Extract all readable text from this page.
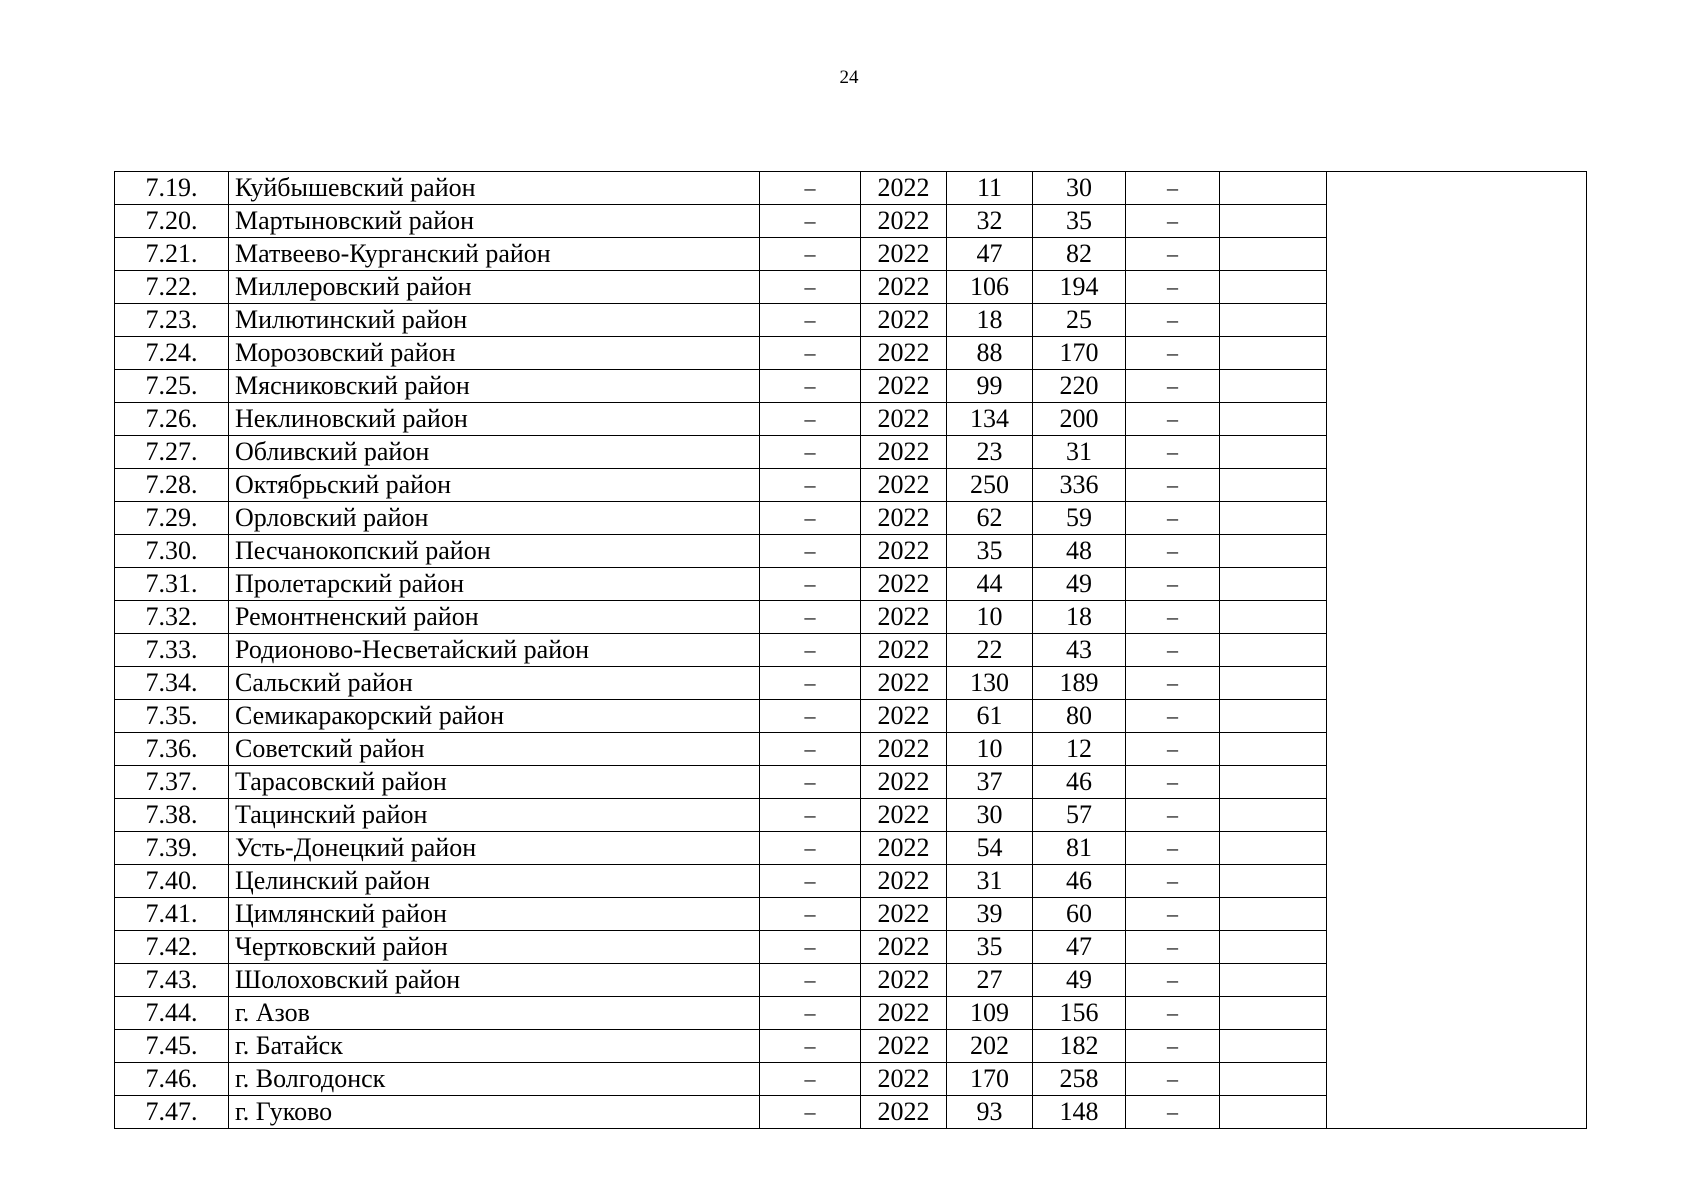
24
7.19.	Куйбышевский район	–	2022	11	30	–		
7.20.	Мартыновский район	–	2022	32	35	–		
7.21.	Матвеево-Курганский район	–	2022	47	82	–		
7.22.	Миллеровский район	–	2022	106	194	–		
7.23.	Милютинский район	–	2022	18	25	–		
7.24.	Морозовский район	–	2022	88	170	–		
7.25.	Мясниковский район	–	2022	99	220	–		
7.26.	Неклиновский район	–	2022	134	200	–		
7.27.	Обливский район	–	2022	23	31	–		
7.28.	Октябрьский район	–	2022	250	336	–		
7.29.	Орловский район	–	2022	62	59	–		
7.30.	Песчанокопский район	–	2022	35	48	–		
7.31.	Пролетарский район	–	2022	44	49	–		
7.32.	Ремонтненский район	–	2022	10	18	–		
7.33.	Родионово-Несветайский район	–	2022	22	43	–		
7.34.	Сальский район	–	2022	130	189	–		
7.35.	Семикаракорский район	–	2022	61	80	–		
7.36.	Советский район	–	2022	10	12	–		
7.37.	Тарасовский район	–	2022	37	46	–		
7.38.	Тацинский район	–	2022	30	57	–		
7.39.	Усть-Донецкий район	–	2022	54	81	–		
7.40.	Целинский район	–	2022	31	46	–		
7.41.	Цимлянский район	–	2022	39	60	–		
7.42.	Чертковский район	–	2022	35	47	–		
7.43.	Шолоховский район	–	2022	27	49	–		
7.44.	г. Азов	–	2022	109	156	–		
7.45.	г. Батайск	–	2022	202	182	–		
7.46.	г. Волгодонск	–	2022	170	258	–		
7.47.	г. Гуково	–	2022	93	148	–		
